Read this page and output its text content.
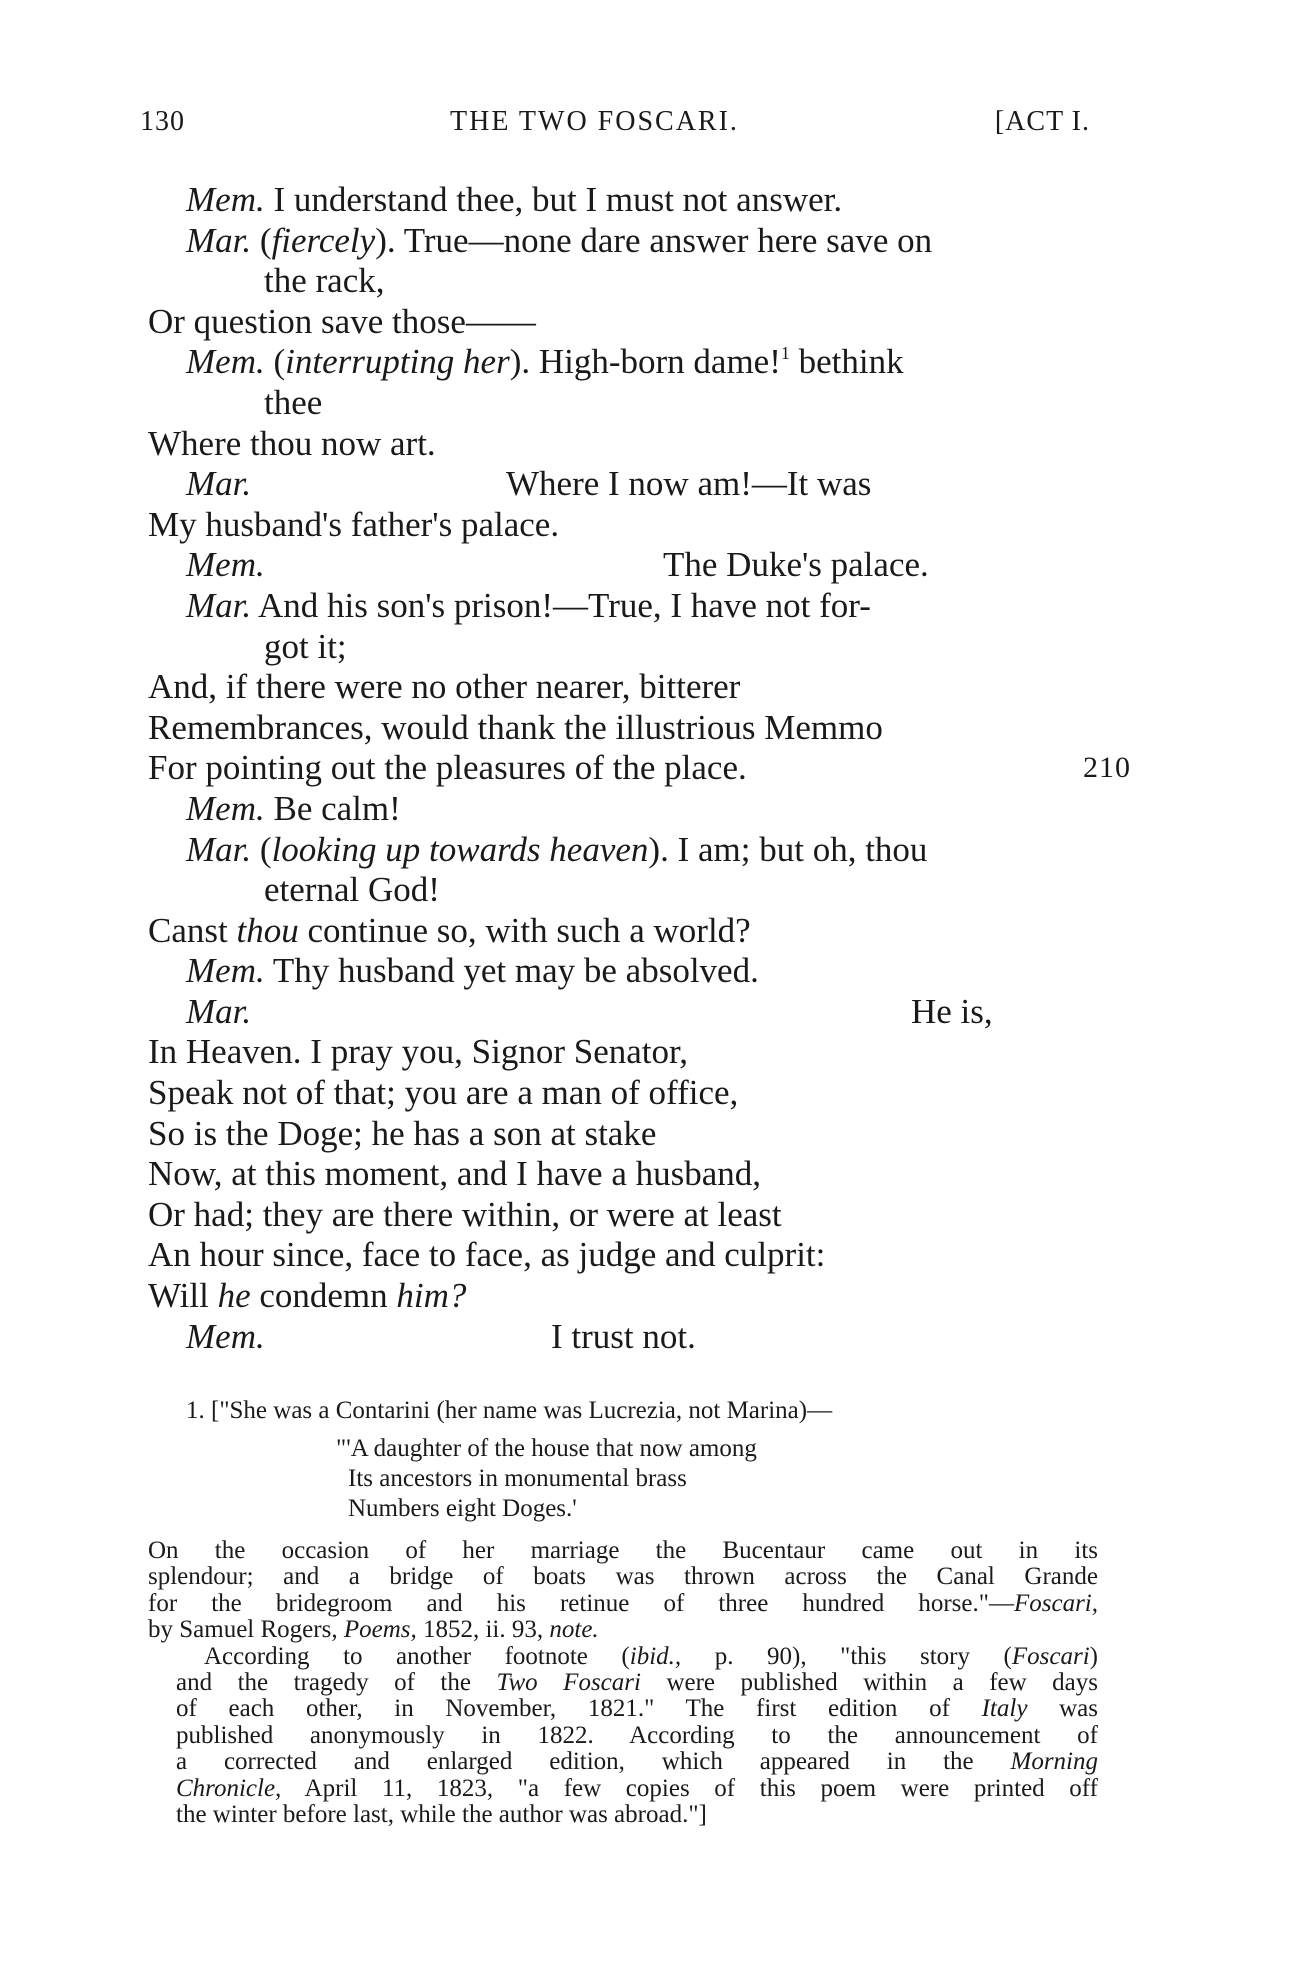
130	THE TWO FOSCARI.	[ACT I.
Mem. I understand thee, but I must not answer.
Mar. (fiercely). True—none dare answer here save on
the rack,
Or question save those——
Mem. (interrupting her). High-born dame!$^1$ bethink
thee
Where thou now art.
Mar.	Where I now am!—It was
My husband's father's palace.
Mem.	The Duke's palace.
Mar. And his son's prison!—True, I have not for-
got it;
And, if there were no other nearer, bitterer
Remembrances, would thank the illustrious Memmo
For pointing out the pleasures of the place.	210
Mem. Be calm!
Mar. (looking up towards heaven). I am; but oh, thou
eternal God!
Canst thou continue so, with such a world?
Mem. Thy husband yet may be absolved.
Mar.	He is,
In Heaven. I pray you, Signor Senator,
Speak not of that; you are a man of office,
So is the Doge; he has a son at stake
Now, at this moment, and I have a husband,
Or had; they are there within, or were at least
An hour since, face to face, as judge and culprit:
Will he condemn him?
Mem.	I trust not.
1. ["She was a Contarini (her name was Lucrezia, not Marina)—
"'A daughter of the house that now among
Its ancestors in monumental brass
Numbers eight Doges.'

On the occasion of her marriage the Bucentaur came out in its
splendour; and a bridge of boats was thrown across the Canal Grande
for the bridegroom and his retinue of three hundred horse."—Foscari,
by Samuel Rogers, Poems, 1852, ii. 93, note.

According to another footnote (ibid., p. 90), "this story (Foscari)
and the tragedy of the Two Foscari were published within a few days
of each other, in November, 1821." The first edition of Italy was
published anonymously in 1822. According to the announcement of
a corrected and enlarged edition, which appeared in the Morning
Chronicle, April 11, 1823, "a few copies of this poem were printed off
the winter before last, while the author was abroad."]
